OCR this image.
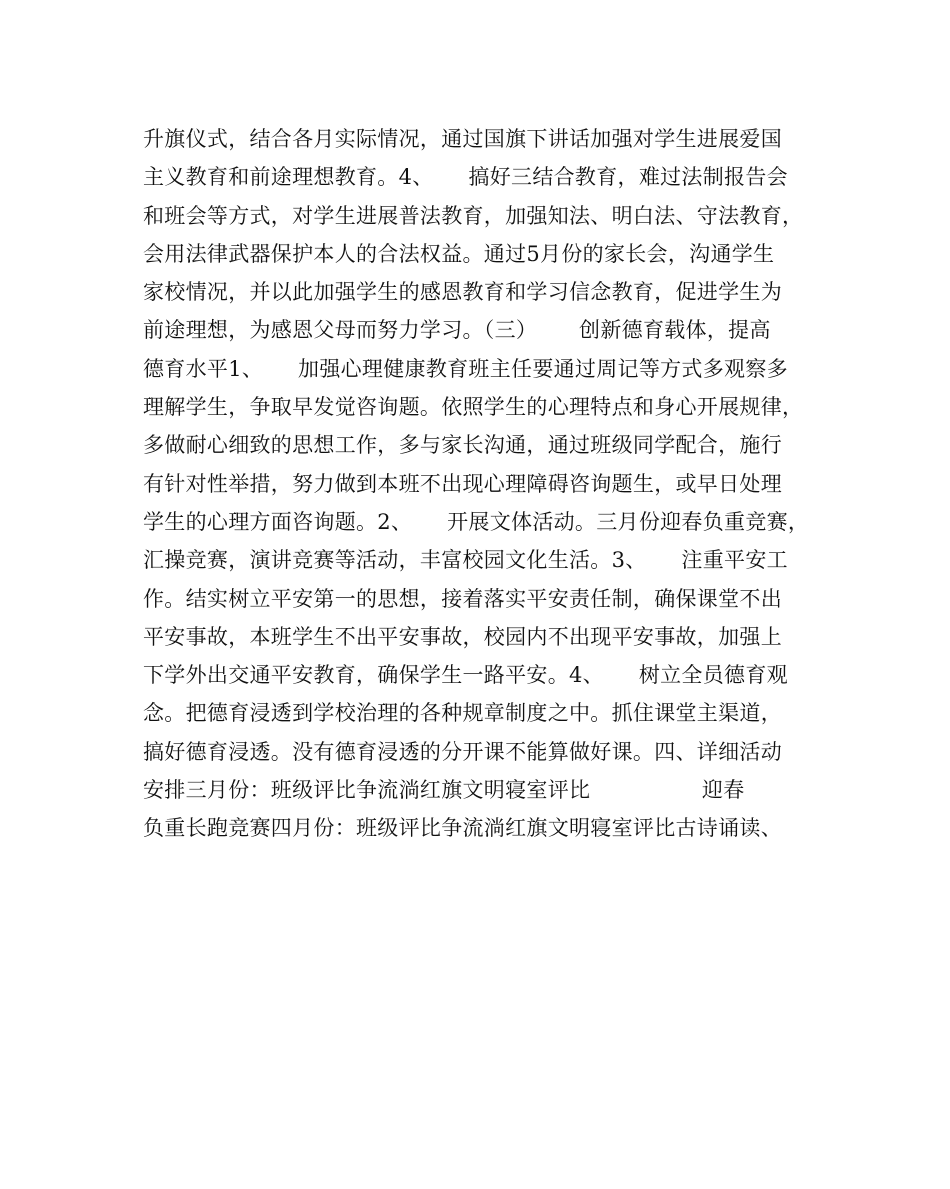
升旗仪式，结合各月实际情况，通过国旗下讲话加强对学生进展爱国
主义教育和前途理想教育。4、     搞好三结合教育，难过法制报告会
和班会等方式，对学生进展普法教育，加强知法、明白法、守法教育，
会用法律武器保护本人的合法权益。通过5月份的家长会，沟通学生
家校情况，并以此加强学生的感恩教育和学习信念教育，促进学生为
前途理想，为感恩父母而努力学习。（三）      创新德育载体，提高
德育水平1、     加强心理健康教育班主任要通过周记等方式多观察多
理解学生，争取早发觉咨询题。依照学生的心理特点和身心开展规律，
多做耐心细致的思想工作，多与家长沟通，通过班级同学配合，施行
有针对性举措，努力做到本班不出现心理障碍咨询题生，或早日处理
学生的心理方面咨询题。2、     开展文体活动。三月份迎春负重竞赛，
汇操竞赛，演讲竞赛等活动，丰富校园文化生活。3、     注重平安工
作。结实树立平安第一的思想，接着落实平安责任制，确保课堂不出
平安事故，本班学生不出平安事故，校园内不出现平安事故，加强上
下学外出交通平安教育，确保学生一路平安。4、     树立全员德育观
念。把德育浸透到学校治理的各种规章制度之中。抓住课堂主渠道，
搞好德育浸透。没有德育浸透的分开课不能算做好课。四、详细活动
安排三月份：班级评比争流淌红旗文明寝室评比                迎春
负重长跑竞赛四月份：班级评比争流淌红旗文明寝室评比古诗诵读、
